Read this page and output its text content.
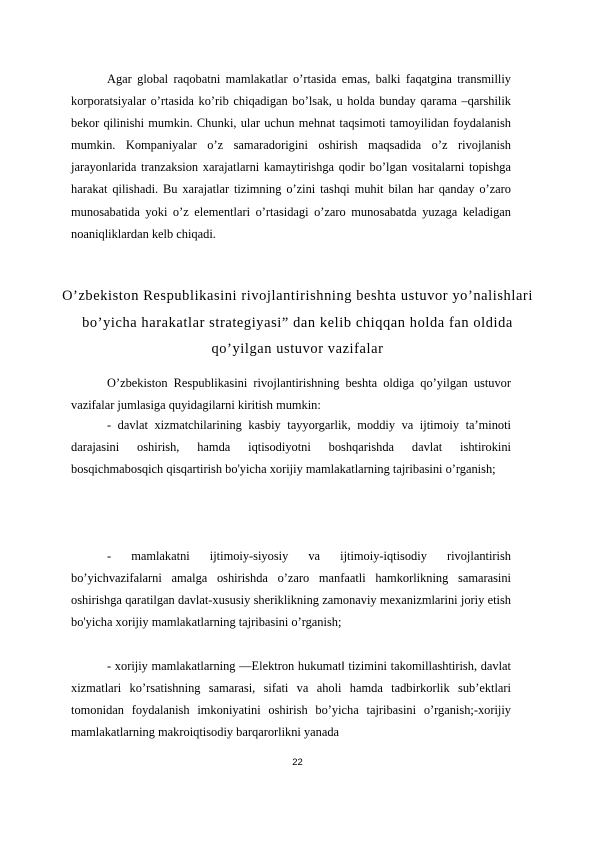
Agar global raqobatni mamlakatlar o’rtasida emas, balki faqatgina transmilliy korporatsiyalar o’rtasida ko’rib chiqadigan bo’lsak, u holda bunday qarama –qarshilik bekor qilinishi mumkin. Chunki, ular uchun mehnat taqsimoti tamoyilidan foydalanish mumkin. Kompaniyalar o’z samaradorigini oshirish maqsadida o’z rivojlanish jarayonlarida tranzaksion xarajatlarni kamaytirishga qodir bo’lgan vositalarni topishga harakat qilishadi. Bu xarajatlar tizimning o’zini tashqi muhit bilan har qanday o’zaro munosabatida yoki o’z elementlari o’rtasidagi o’zaro munosabatda yuzaga keladigan noaniqliklardan kelb chiqadi.

O’zbekiston Respublikasini rivojlantirishning beshta ustuvor yo’nalishlari bo’yicha harakatlar strategiyasi” dan kelib chiqqan holda fan oldida qo’yilgan ustuvor vazifalar

O’zbekiston Respublikasini rivojlantirishning beshta oldiga qo’yilgan ustuvor vazifalar jumlasiga quyidagilarni kiritish mumkin:

- davlat xizmatchilarining kasbiy tayyorgarlik, moddiy va ijtimoiy ta’minoti darajasini oshirish, hamda iqtisodiyotni boshqarishda davlat ishtirokini bosqichmabosqich qisqartirish bo'yicha xorijiy mamlakatlarning tajribasini o’rganish;

- mamlakatni ijtimoiy-siyosiy va ijtimoiy-iqtisodiy rivojlantirish bo’yichvazifalarni amalga oshirishda o’zaro manfaatli hamkorlikning samarasini oshirishga qaratilgan davlat-xususiy sheriklikning zamonaviy mexanizmlarini joriy etish bo'yicha xorijiy mamlakatlarning tajribasini o’rganish;

- xorijiy mamlakatlarning ―Elektron hukumat‖ tizimini takomillashtirish, davlat xizmatlari ko’rsatishning samarasi, sifati va aholi hamda tadbirkorlik sub’ektlari tomonidan foydalanish imkoniyatini oshirish bo’yicha tajribasini o’rganish;-xorijiy mamlakatlarning makroiqtisodiy barqarorlikni yanada

22
